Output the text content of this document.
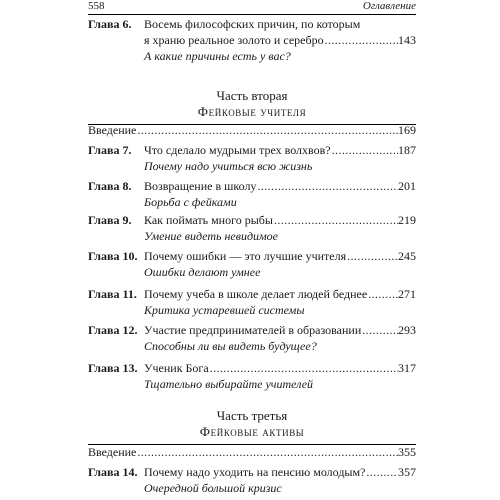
558	Оглавление
Глава 6. Восемь философских причин, по которым
я храню реальное золото и серебро .....	143
А какие причины есть у вас?
Часть вторая
Фейковые учителя
Введение .....	169
Глава 7. Что сделало мудрыми трех волхвов? .....	187
Почему надо учиться всю жизнь
Глава 8. Возвращение в школу .....	201
Борьба с фейками
Глава 9. Как поймать много рыбы .....	219
Умение видеть невидимое
Глава 10. Почему ошибки — это лучшие учителя .....	245
Ошибки делают умнее
Глава 11. Почему учеба в школе делает людей беднее .....	271
Критика устаревшей системы
Глава 12. Участие предпринимателей в образовании .....	293
Способны ли вы видеть будущее?
Глава 13. Ученик Бога .....	317
Тщательно выбирайте учителей
Часть третья
Фейковые активы
Введение .....	355
Глава 14. Почему надо уходить на пенсию молодым? .....	357
Очередной большой кризис
